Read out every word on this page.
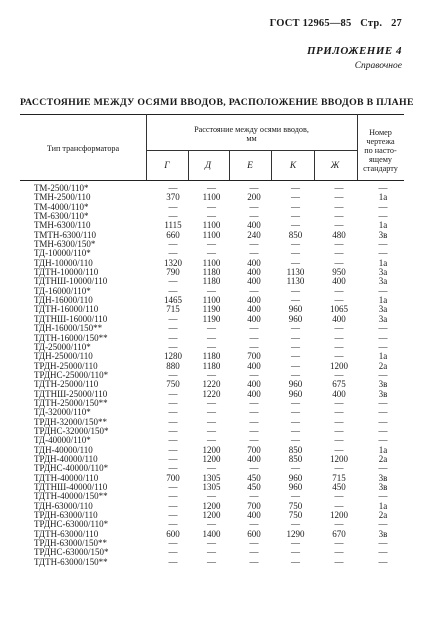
ГОСТ 12965—85 Стр. 27
ПРИЛОЖЕНИЕ 4
Справочное
РАССТОЯНИЕ МЕЖДУ ОСЯМИ ВВОДОВ, РАСПОЛОЖЕНИЕ ВВОДОВ В ПЛАНЕ
Тип трансформатора
Расстояние между осями вводов,
мм
Номер
чертежа
по насто-
ящему
стандарту
Г	Д	Е	К	Ж
ТМ-2500/110*	—	—	—	—	—	—
ТМН-2500/110	370	1100	200	—	—	1а
ТМ-4000/110*	—	—	—	—	—	—
ТМ-6300/110*	—	—	—	—	—	—
ТМН-6300/110	1115	1100	400	—	—	1а
ТМТН-6300/110	660	1100	240	850	480	3в
ТМН-6300/150*	—	—	—	—	—	—
ТД-10000/110*	—	—	—	—	—	—
ТДН-10000/110	1320	1100	400	—	—	1а
ТДТН-10000/110	790	1180	400	1130	950	3а
ТДТНШ-10000/110	—	1180	400	1130	400	3а
ТД-16000/110*	—	—	—	—	—	—
ТДН-16000/110	1465	1100	400	—	—	1а
ТДТН-16000/110	715	1190	400	960	1065	3а
ТДТНШ-16000/110	—	1190	400	960	400	3а
ТДН-16000/150**	—	—	—	—	—	—
ТДТН-16000/150**	—	—	—	—	—	—
ТД-25000/110*	—	—	—	—	—	—
ТДН-25000/110	1280	1180	700	—	—	1а
ТРДН-25000/110	880	1180	400	—	1200	2а
ТРДНС-25000/110*	—	—	—	—	—	—
ТДТН-25000/110	750	1220	400	960	675	3в
ТДТНШ-25000/110	—	1220	400	960	400	3в
ТДТН-25000/150**	—	—	—	—	—	—
ТД-32000/110*	—	—	—	—	—	—
ТРДН-32000/150**	—	—	—	—	—	—
ТРДНС-32000/150*	—	—	—	—	—	—
ТД-40000/110*	—	—	—	—	—	—
ТДН-40000/110	—	1200	700	850	—	1а
ТРДН-40000/110	—	1200	400	850	1200	2а
ТРДНС-40000/110*	—	—	—	—	—	—
ТДТН-40000/110	700	1305	450	960	715	3в
ТДТНШ-40000/110	—	1305	450	960	450	3в
ТДТН-40000/150**	—	—	—	—	—	—
ТДН-63000/110	—	1200	700	750	—	1а
ТРДН-63000/110	—	1200	400	750	1200	2а
ТРДНС-63000/110*	—	—	—	—	—	—
ТДТН-63000/110	600	1400	600	1290	670	3в
ТРДН-63000/150**	—	—	—	—	—	—
ТРДНС-63000/150*	—	—	—	—	—	—
ТДТН-63000/150**	—	—	—	—	—	—
